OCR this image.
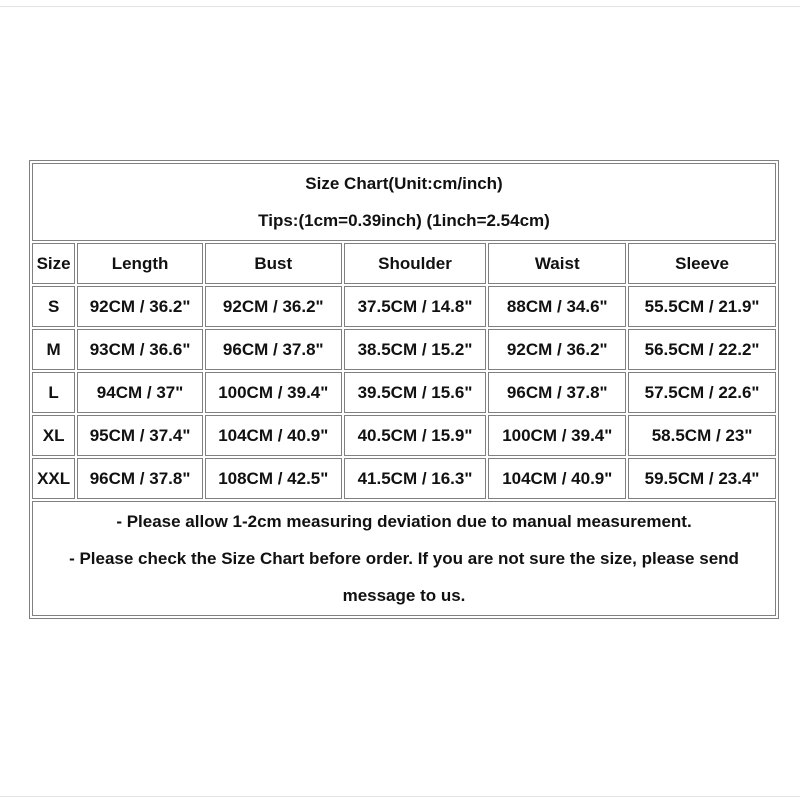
Size Chart(Unit:cm/inch)
Tips:(1cm=0.39inch) (1inch=2.54cm)					

Size	Length	Bust	Shoulder	Waist	Sleeve
S	92CM / 36.2"	92CM / 36.2"	37.5CM / 14.8"	88CM / 34.6"	55.5CM / 21.9"
M	93CM / 36.6"	96CM / 37.8"	38.5CM / 15.2"	92CM / 36.2"	56.5CM / 22.2"
L	94CM / 37"	100CM / 39.4"	39.5CM / 15.6"	96CM / 37.8"	57.5CM / 22.6"
XL	95CM / 37.4"	104CM / 40.9"	40.5CM / 15.9"	100CM / 39.4"	58.5CM / 23"
XXL	96CM / 37.8"	108CM / 42.5"	41.5CM / 16.3"	104CM / 40.9"	59.5CM / 23.4"

- Please allow 1-2cm measuring deviation due to manual measurement.
- Please check the Size Chart before order. If you are not sure the size, please send message to us.					
